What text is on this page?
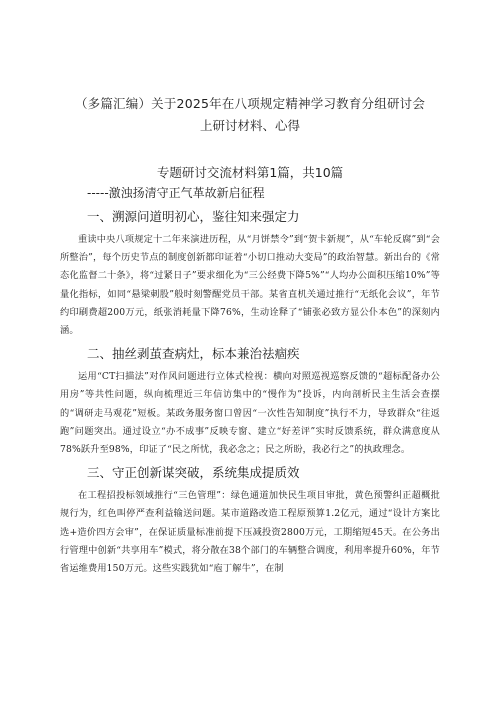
（多篇汇编）关于2025年在八项规定精神学习教育分组研讨会

上研讨材料、心得

专题研讨交流材料第1篇，共10篇

-----激浊扬清守正气革故新启征程

一、溯源问道明初心，鉴往知来强定力

重读中央八项规定十二年来演进历程，从“月饼禁令”到“贺卡新规”，从“车轮反腐”到“会所整治”，每个历史节点的制度创新都印证着“小切口推动大变局”的政治智慧。新出台的《常态化监督二十条》，将“过紧日子”要求细化为“三公经费下降5%”“人均办公面积压缩10%”等量化指标，如同“悬梁刺股”般时刻警醒党员干部。某省直机关通过推行“无纸化会议”，年节约印刷费超200万元，纸张消耗量下降76%，生动诠释了“铺张必致方显公仆本色”的深刻内涵。

二、抽丝剥茧查病灶，标本兼治祛痼疾

运用“CT扫描法”对作风问题进行立体式检视：横向对照巡视巡察反馈的“超标配备办公用房”等共性问题，纵向梳理近三年信访集中的“慢作为”投诉，内向剖析民主生活会查摆的“调研走马观花”短板。某政务服务窗口曾因“一次性告知制度”执行不力，导致群众“往返跑”问题突出。通过设立“办不成事”反映专窗、建立“好差评”实时反馈系统，群众满意度从78%跃升至98%，印证了“民之所忧，我必念之；民之所盼，我必行之”的执政理念。

三、守正创新谋突破，系统集成提质效

在工程招投标领域推行“三色管理”：绿色通道加快民生项目审批，黄色预警纠正超概批规行为，红色叫停严查利益输送问题。某市道路改造工程原预算1.2亿元，通过“设计方案比选+造价四方会审”，在保证质量标准前提下压减投资2800万元，工期缩短45天。在公务出行管理中创新“共享用车”模式，将分散在38个部门的车辆整合调度，利用率提升60%，年节省运维费用150万元。这些实践犹如“庖丁解牛”，在制
